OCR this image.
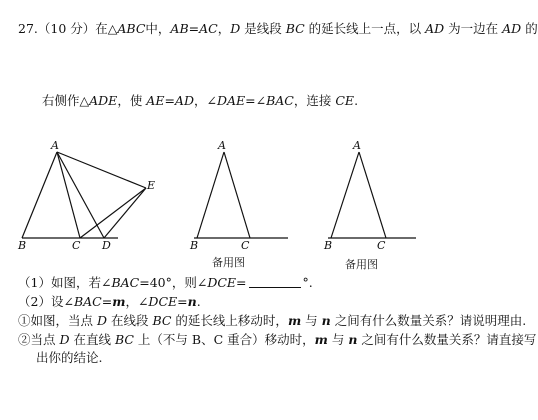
27.（10 分）在△ABC中，AB=AC，D 是线段 BC 的延长线上一点，以 AD 为一边在 AD 的
右侧作△ADE，使 AE=AD，∠DAE=∠BAC，连接 CE.
A
B	C D
E
A
B	C
备用图
A
B	C
备用图
（1）如图，若∠BAC=40°，则∠DCE=	°.
（2）设∠BAC=m，∠DCE=n.
①如图，当点 D 在线段 BC 的延长线上移动时，m 与 n 之间有什么数量关系？请说明理由.
②当点 D 在直线 BC 上（不与 B、C 重合）移动时，m 与 n 之间有什么数量关系？请直接写
出你的结论.
